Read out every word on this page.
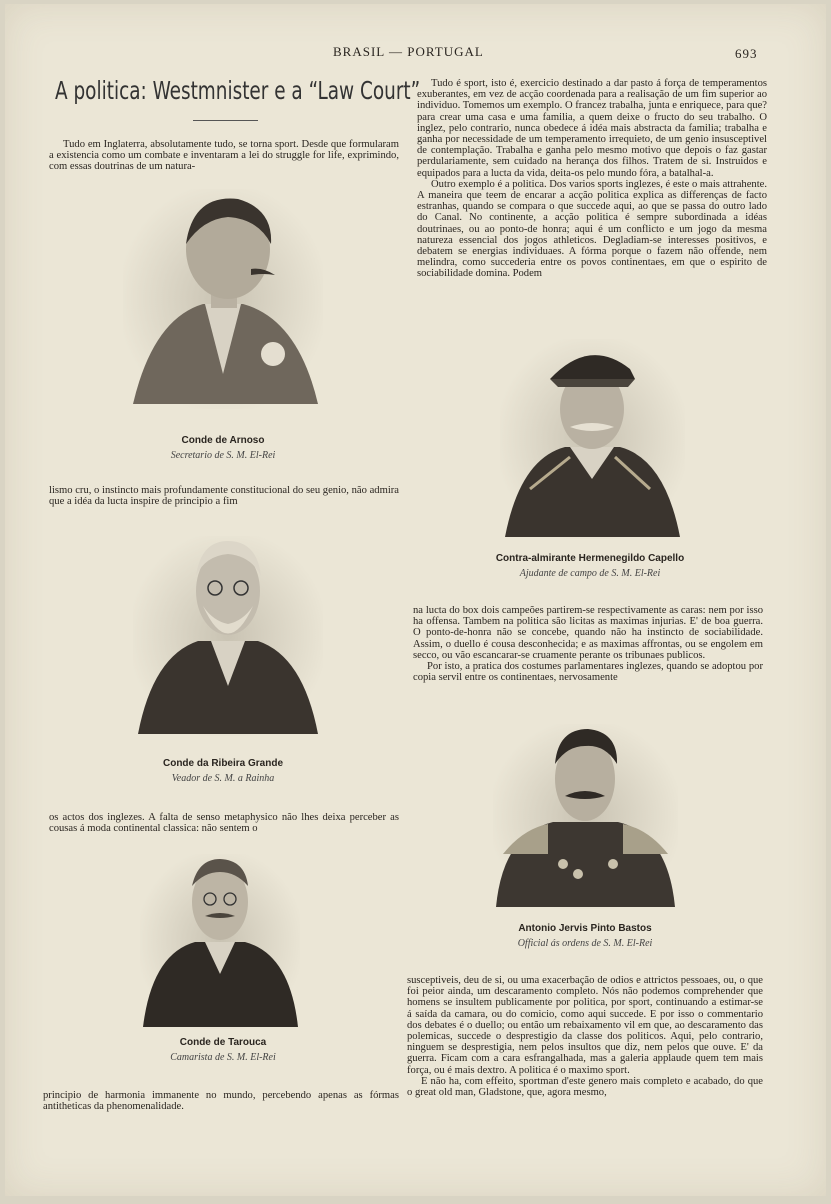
BRASIL — PORTUGAL	693
A politica: Westmnister e a “Law Court”

Tudo em Inglaterra, absolutamente tudo, se torna sport. Desde que formularam a existencia como um combate e inventaram a lei do struggle for life, exprimindo, com essas doutrinas de um natura-

lismo cru, o instincto mais profundamente constitucional do seu genio, não admira que a idéa da lucta inspire de principio a fim

os actos dos inglezes. A falta de senso metaphysico não lhes deixa perceber as cousas á moda continental classica: não sentem o

principio de harmonia immanente no mundo, percebendo apenas as fórmas antitheticas da phenomenalidade.

Tudo é sport, isto é, exercicio destinado a dar pasto á força de temperamentos exuberantes, em vez de acção coordenada para a realisação de um fim superior ao individuo. Tomemos um exemplo. O francez trabalha, junta e enriquece, para que? para crear uma casa e uma familia, a quem deixe o fructo do seu trabalho. O inglez, pelo contrario, nunca obedece á idéa mais abstracta da familia; trabalha e ganha por necessidade de um temperamento irrequieto, de um genio insusceptivel de contemplação. Trabalha e ganha pelo mesmo motivo que depois o faz gastar perdulariamente, sem cuidado na herança dos filhos. Tratem de si. Instruidos e equipados para a lucta da vida, deita-os pelo mundo fóra, a batalhal-a.

Outro exemplo é a politica. Dos varios sports inglezes, é este o mais attrahente. A maneira que teem de encarar a acção politica explica as differenças de facto estranhas, quando se compara o que succede aqui, ao que se passa do outro lado do Canal. No continente, a acção politica é sempre subordinada a idéas doutrinaes, ou ao ponto-de honra; aqui é um conflicto e um jogo da mesma natureza essencial dos jogos athleticos. Degladiam-se interesses positivos, e debatem se energias individuaes. A fórma porque o fazem não offende, nem melindra, como succederia entre os povos continentaes, em que o espirito de sociabilidade domina. Podem

na lucta do box dois campeões partirem-se respectivamente as caras: nem por isso ha offensa. Tambem na politica são licitas as maximas injurias. E' de boa guerra. O ponto-de-honra não se concebe, quando não ha instincto de sociabilidade. Assim, o duello é cousa desconhecida; e as maximas affrontas, ou se engolem em secco, ou vão escancarar-se cruamente perante os tribunaes publicos.

Por isto, a pratica dos costumes parlamentares inglezes, quando se adoptou por copia servil entre os continentaes, nervosamente

susceptiveis, deu de si, ou uma exacerbação de odios e attrictos pessoaes, ou, o que foi peior ainda, um descaramento completo. Nós não podemos comprehender que homens se insultem publicamente por politica, por sport, continuando a estimar-se á saída da camara, ou do comicio, como aqui succede. E por isso o commentario dos debates é o duello; ou então um rebaixamento vil em que, ao descaramento das polemicas, succede o desprestigio da classe dos politicos. Aqui, pelo contrario, ninguem se desprestigia, nem pelos insultos que diz, nem pelos que ouve. E' da guerra. Ficam com a cara esfrangalhada, mas a galeria applaude quem tem mais força, ou é mais dextro. A politica é o maximo sport.

E não ha, com effeito, sportman d'este genero mais completo e acabado, do que o great old man, Gladstone, que, agora mesmo,

Conde de Arnoso
Secretario de S. M. El-Rei
Contra-almirante Hermenegildo Capello
Ajudante de campo de S. M. El-Rei
Conde da Ribeira Grande
Veador de S. M. a Rainha
Antonio Jervis Pinto Bastos
Official ás ordens de S. M. El-Rei
Conde de Tarouca
Camarista de S. M. El-Rei
